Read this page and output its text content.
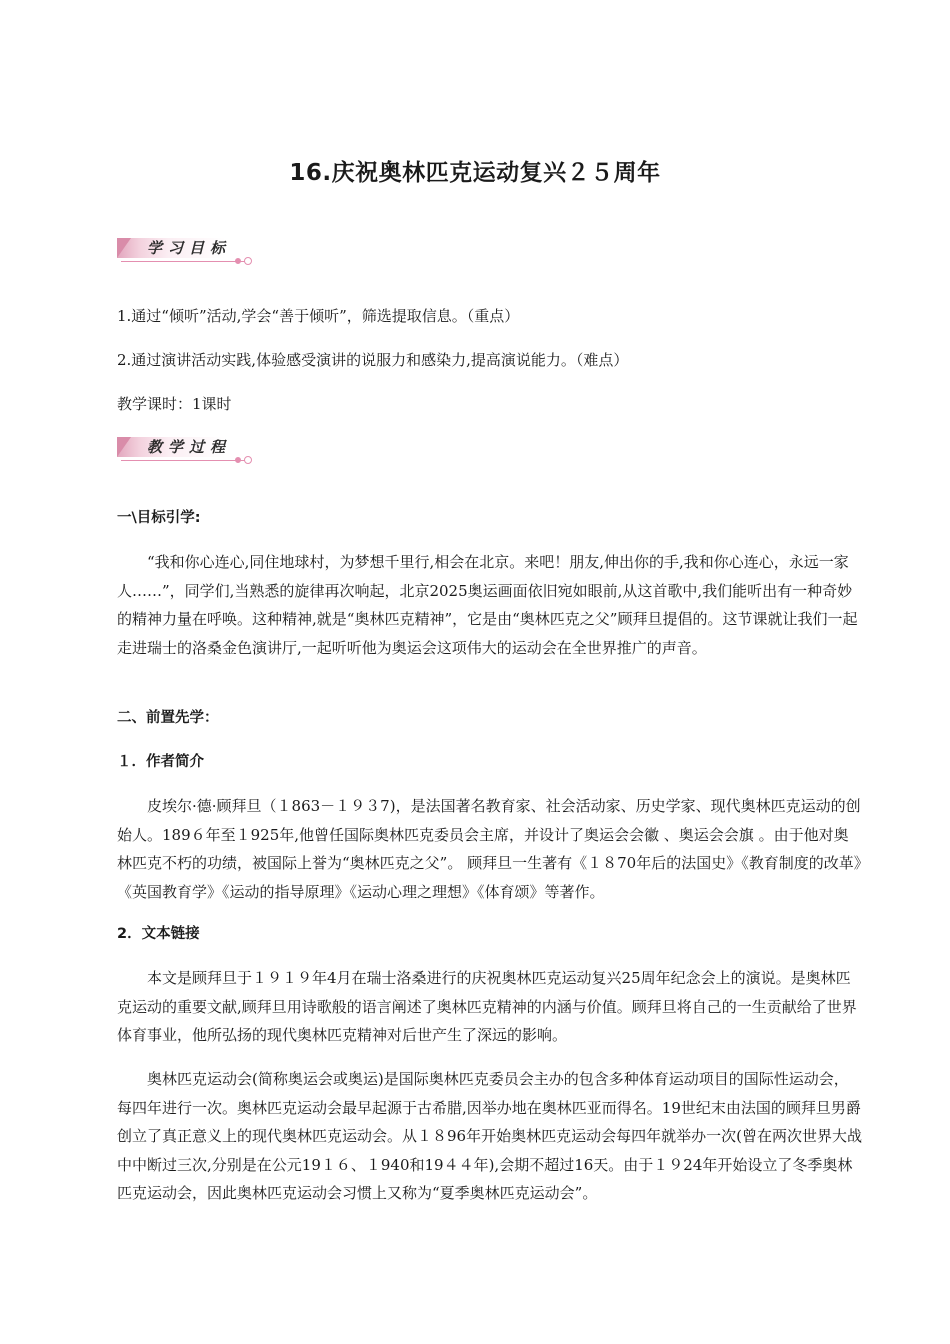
16.庆祝奥林匹克运动复兴２５周年
学习目标
1.通过“倾听”活动,学会“善于倾听”，筛选提取信息。（重点）
2.通过演讲活动实践,体验感受演讲的说服力和感染力,提高演说能力。（难点）
教学课时：1课时
教学过程
一\目标引学:
“我和你心连心,同住地球村，为梦想千里行,相会在北京。来吧！朋友,伸出你的手,我和你心连心，永远一家人……”，同学们,当熟悉的旋律再次响起，北京2025奥运画面依旧宛如眼前,从这首歌中,我们能听出有一种奇妙的精神力量在呼唤。这种精神,就是“奥林匹克精神”，它是由“奥林匹克之父”顾拜旦提倡的。这节课就让我们一起走进瑞士的洛桑金色演讲厅,一起听听他为奥运会这项伟大的运动会在全世界推广的声音。
二、前置先学：
１．作者简介
皮埃尔·德·顾拜旦（１863－１９３7)，是法国著名教育家、社会活动家、历史学家、现代奥林匹克运动的创始人。189６年至１925年,他曾任国际奥林匹克委员会主席，并设计了奥运会会徽 、奥运会会旗 。由于他对奥林匹克不朽的功绩，被国际上誉为“奥林匹克之父”。 顾拜旦一生著有《１８70年后的法国史》《教育制度的改革》《英国教育学》《运动的指导原理》《运动心理之理想》《体育颂》等著作。
2．文本链接
本文是顾拜旦于１９１９年4月在瑞士洛桑进行的庆祝奥林匹克运动复兴25周年纪念会上的演说。是奥林匹克运动的重要文献,顾拜旦用诗歌般的语言阐述了奥林匹克精神的内涵与价值。顾拜旦将自己的一生贡献给了世界体育事业，他所弘扬的现代奥林匹克精神对后世产生了深远的影响。
奥林匹克运动会(简称奥运会或奥运)是国际奥林匹克委员会主办的包含多种体育运动项目的国际性运动会，每四年进行一次。奥林匹克运动会最早起源于古希腊,因举办地在奥林匹亚而得名。19世纪末由法国的顾拜旦男爵创立了真正意义上的现代奥林匹克运动会。从１８96年开始奥林匹克运动会每四年就举办一次(曾在两次世界大战中中断过三次,分别是在公元19１６、１940和19４４年),会期不超过16天。由于１９24年开始设立了冬季奥林匹克运动会，因此奥林匹克运动会习惯上又称为“夏季奥林匹克运动会”。
